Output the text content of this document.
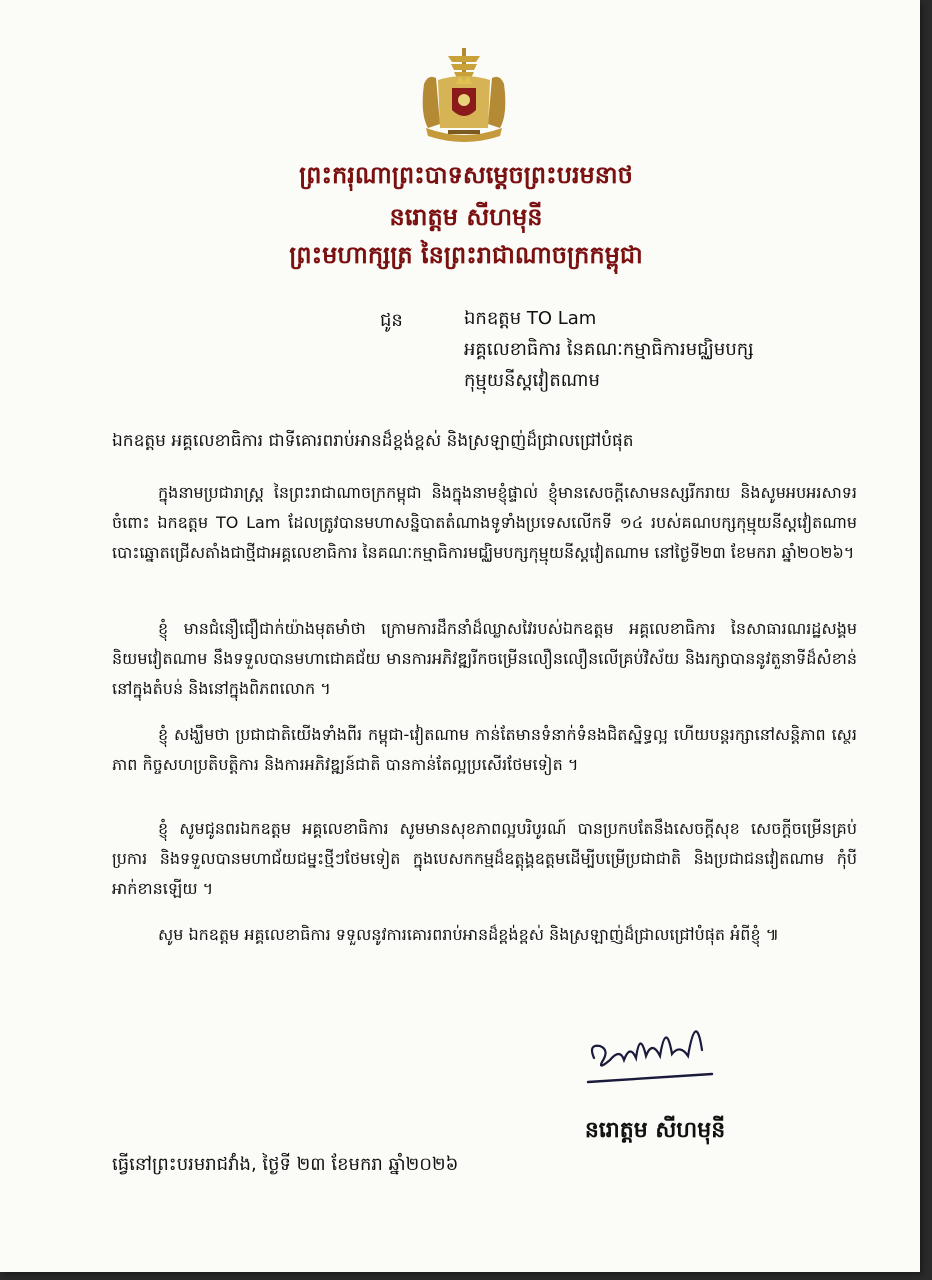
ព្រះករុណាព្រះបាទសម្តេចព្រះបរមនាថ
នរោត្តម សីហមុនី
ព្រះមហាក្សត្រ នៃព្រះរាជាណាចក្រកម្ពុជា
ជូន	ឯកឧត្តម TO Lam
អគ្គលេខាធិការ នៃគណៈកម្មាធិការមជ្ឈិមបក្ស
កុម្មុយនីស្តវៀតណាម
ឯកឧត្តម អគ្គលេខាធិការ ជាទីគោរពរាប់អានដ៏ខ្ពង់ខ្ពស់ និងស្រឡាញ់ដ៏ជ្រាលជ្រៅបំផុត

ក្នុងនាមប្រជារាស្ត្រ នៃព្រះរាជាណាចក្រកម្ពុជា និងក្នុងនាមខ្ញុំផ្ទាល់ ខ្ញុំមានសេចក្តីសោមនស្សរីករាយ និងសូមអបអរសាទរ ចំពោះ ឯកឧត្តម TO Lam ដែលត្រូវបានមហាសន្និបាតតំណាងទូទាំងប្រទេសលើកទី ១៤ របស់គណបក្សកុម្មុយនីស្តវៀតណាម បោះឆ្នោតជ្រើសតាំងជាថ្មីជាអគ្គលេខាធិការ នៃគណៈកម្មាធិការមជ្ឈិមបក្សកុម្មុយនីស្តវៀតណាម នៅថ្ងៃទី២៣ ខែមករា ឆ្នាំ២០២៦។

ខ្ញុំ មានជំនឿជឿជាក់យ៉ាងមុតមាំថា ក្រោមការដឹកនាំដ៏ឈ្លាសវៃរបស់ឯកឧត្តម អគ្គលេខាធិការ នៃសាធារណរដ្ឋសង្គមនិយមវៀតណាម នឹងទទួលបានមហាជោគជ័យ មានការអភិវឌ្ឍរីកចម្រើនលឿនលឿនលើគ្រប់វិស័យ និងរក្សាបាននូវតួនាទីដ៏សំខាន់នៅក្នុងតំបន់ និងនៅក្នុងពិភពលោក ។

ខ្ញុំ សង្ឃឹមថា ប្រជាជាតិយើងទាំងពីរ កម្ពុជា-វៀតណាម កាន់តែមានទំនាក់ទំនងជិតស្និទ្ធល្អ ហើយបន្តរក្សានៅសន្តិភាព ស្ថេរភាព កិច្ចសហប្រតិបត្តិការ និងការអភិវឌ្ឍន៍ជាតិ បានកាន់តែល្អប្រសើរថែមទៀត ។

ខ្ញុំ សូមជូនពរឯកឧត្តម អគ្គលេខាធិការ សូមមានសុខភាពល្អបរិបូរណ៍ បានប្រកបតែនឹងសេចក្តីសុខ សេចក្តីចម្រើនគ្រប់ប្រការ និងទទួលបានមហាជ័យជម្នះថ្មីៗថែមទៀត ក្នុងបេសកកម្មដ៏ឧត្តុង្គឧត្តមដើម្បីបម្រើប្រជាជាតិ និងប្រជាជនវៀតណាម កុំបីអាក់ខានឡើយ ។

សូម ឯកឧត្តម អគ្គលេខាធិការ ទទួលនូវការគោរពរាប់អានដ៏ខ្ពង់ខ្ពស់ និងស្រឡាញ់ដ៏ជ្រាលជ្រៅបំផុត អំពីខ្ញុំ ៕

នរោត្តម សីហមុនី
ធ្វើនៅព្រះបរមរាជវាំង, ថ្ងៃទី ២៣ ខែមករា ឆ្នាំ២០២៦
